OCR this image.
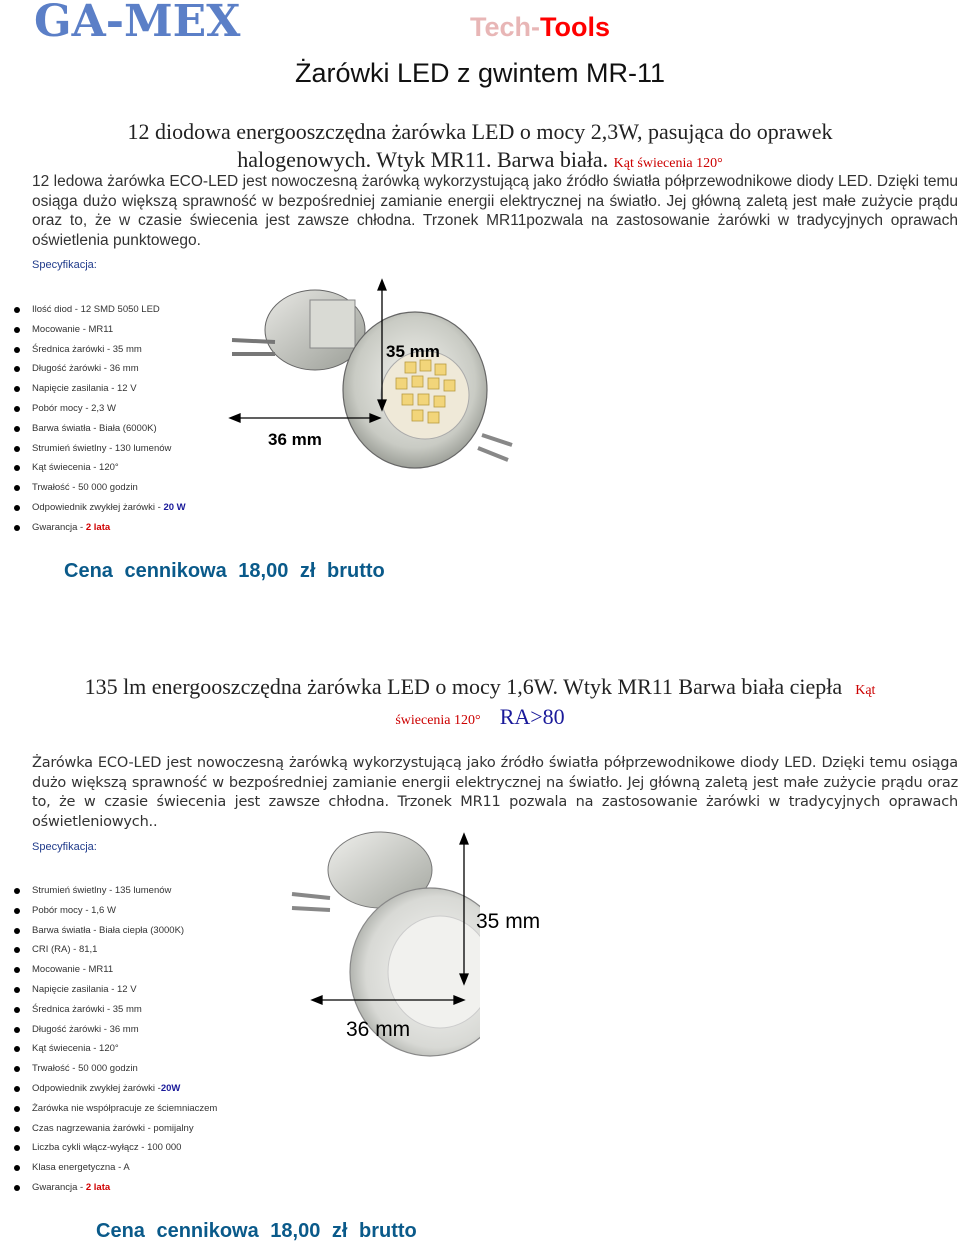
GA-MEX	Tech-Tools
Żarówki LED z gwintem MR-11
12 diodowa energooszczędna żarówka LED o mocy 2,3W, pasująca do oprawek
halogenowych. Wtyk MR11. Barwa biała. Kąt świecenia 120°
12 ledowa żarówka ECO-LED jest nowoczesną żarówką wykorzystującą jako źródło światła półprzewodnikowe diody LED. Dzięki temu osiąga dużo większą sprawność w bezpośredniej zamianie energii elektrycznej na światło. Jej główną zaletą jest małe zużycie prądu oraz to, że w czasie świecenia jest zawsze chłodna. Trzonek MR11pozwala na zastosowanie żarówki w tradycyjnych oprawach oświetlenia punktowego.
Specyfikacja:
Ilość diod - 12 SMD 5050 LED
Mocowanie - MR11
Średnica żarówki - 35 mm
Długość żarówki - 36 mm
Napięcie zasilania - 12 V
Pobór mocy - 2,3 W
Barwa światła - Biała (6000K)
Strumień świetlny - 130 lumenów
Kąt świecenia - 120°
Trwałość - 50 000 godzin
Odpowiednik zwykłej żarówki - 20 W
Gwarancja - 2 lata
35 mm
36 mm
Cena cennikowa 18,00 zł brutto
135 lm energooszczędna żarówka LED o mocy 1,6W. Wtyk MR11 Barwa biała ciepła Kąt
świecenia 120° RA>80
Żarówka ECO-LED jest nowoczesną żarówką wykorzystującą jako źródło światła półprzewodnikowe diody LED. Dzięki temu osiąga dużo większą sprawność w bezpośredniej zamianie energii elektrycznej na światło. Jej główną zaletą jest małe zużycie prądu oraz to, że w czasie świecenia jest zawsze chłodna. Trzonek MR11 pozwala na zastosowanie żarówki w tradycyjnych oprawach oświetleniowych..
Specyfikacja:
Strumień świetlny - 135 lumenów
Pobór mocy - 1,6 W
Barwa światła - Biała ciepła (3000K)
CRI (RA) - 81,1
Mocowanie - MR11
Napięcie zasilania - 12 V
Średnica żarówki - 35 mm
Długość żarówki - 36 mm
Kąt świecenia - 120°
Trwałość - 50 000 godzin
Odpowiednik zwykłej żarówki -20W
Żarówka nie współpracuje ze ściemniaczem
Czas nagrzewania żarówki - pomijalny
Liczba cykli włącz-wyłącz - 100 000
Klasa energetyczna - A
Gwarancja - 2 lata
35 mm
36 mm
Cena cennikowa 18,00 zł brutto
